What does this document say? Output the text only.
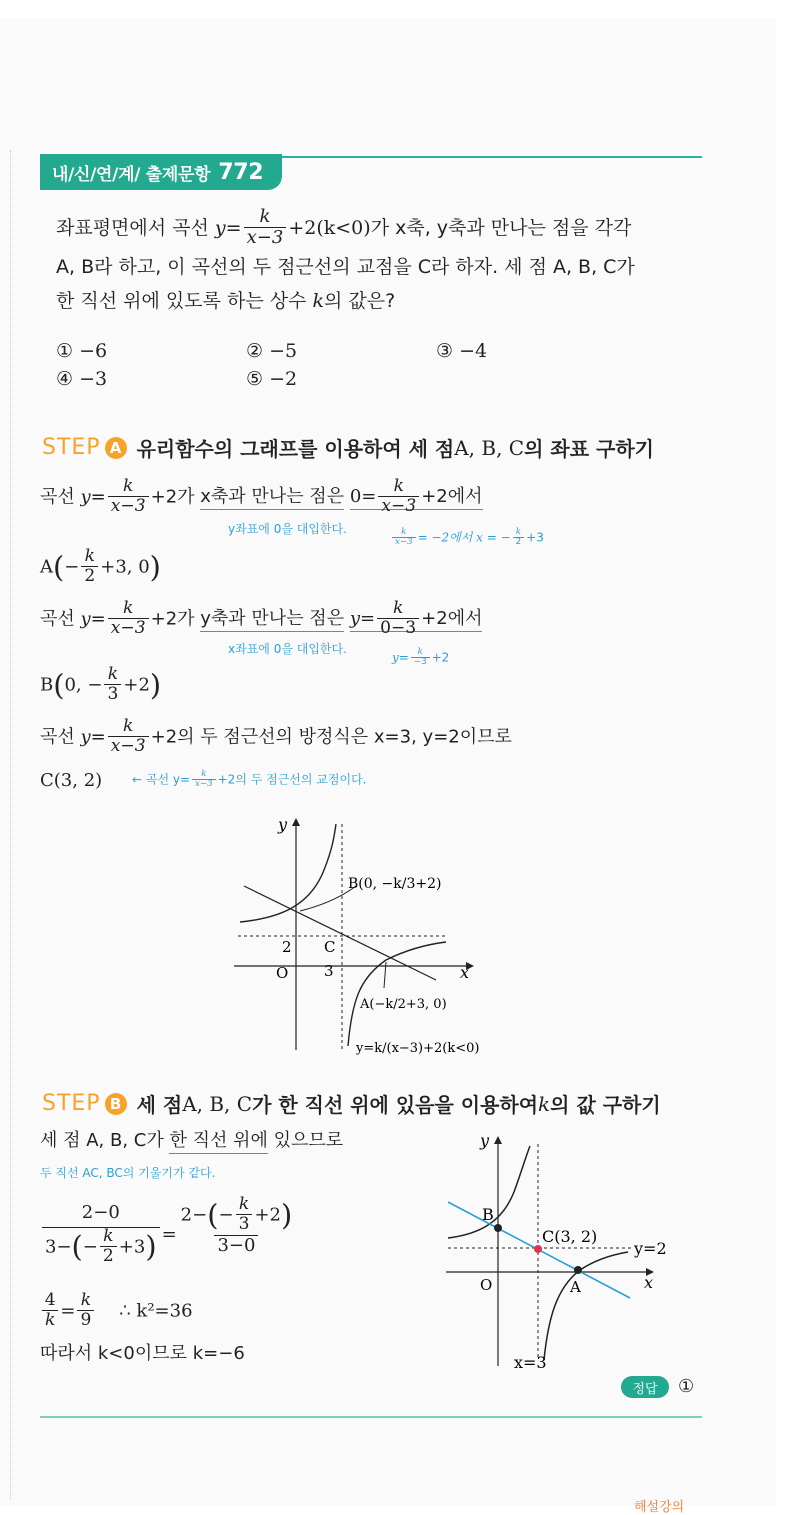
내/신/연/계/ 출제문항 772
좌표평면에서 곡선 $y= \frac{k}{x-3} +2(k<0)$가 x축, y축과 만나는 점을 각각
A, B라 하고, 이 곡선의 두 점근선의 교점을 C라 하자. 세 점 A, B, C가
한 직선 위에 있도록 하는 상수 k의 값은?
① −6	② −5	③ −4
④ −3	⑤ −2
STEP A 유리함수의 그래프를 이용하여 세 점 A, B, C 의 좌표 구하기
곡선 $y= \frac{k}{x-3} +2$가 x축과 만나는 점은 $0= \frac{k}{x-3} +2$에서
y좌표에 0을 대입한다.	$\frac{k}{x-3} = -2$에서 x = − $\frac{k}{2} +3$
$A(- \frac{k}{2} +3$, 0)
곡선 $y= \frac{k}{x-3} +2$가 y축과 만나는 점은 $y= \frac{k}{0-3} +2$에서
x좌표에 0을 대입한다.
$y= \frac{k}{-3} +2$
B(0, − $\frac{k}{3} +2$)
곡선 $y= \frac{k}{x-3} +2$의 두 점근선의 방정식은 x=3, y=2이므로
C(3, 2) ← 곡선 $y= \frac{k}{x-3} +2$의 두 점근선의 교점이다.
y
x
O
2
3
C
B(0, −k/3+2)
A(−k/2+3, 0)
y=k/(x−3)+2(k<0)
STEP B 세 점 A, B, C 가 한 직선 위에 있음을 이용하여 k 의 값 구하기
세 점 A, B, C가 한 직선 위에 있으므로
두 직선 AC, BC의 기울기가 같다.
$\frac{2-0}{3-(- \frac{k}{2} +3)} = \frac{2-(- \frac{k}{3} +2)}{3-0}$
$\frac{4}{k} = \frac{k}{9}$ ∴ k²=36
따라서 k<0이므로 k=−6
y
x
O
B
C(3, 2)
y=2
A
x=3
정답	①
해설강의
